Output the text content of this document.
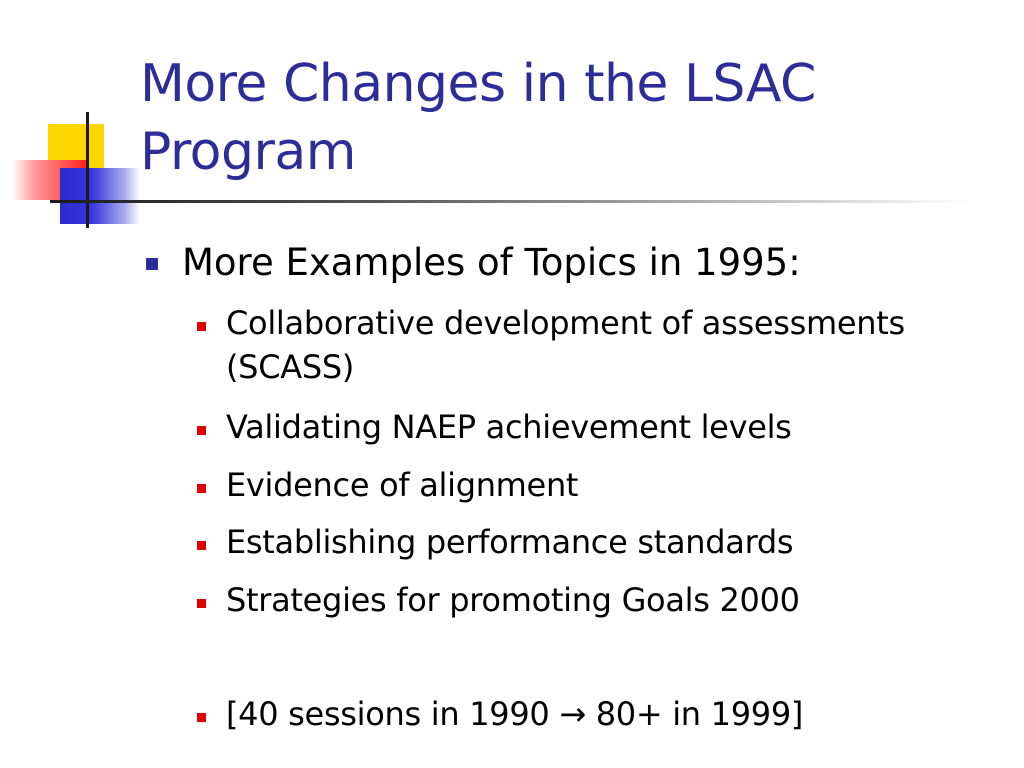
More Changes in the LSAC Program
More Examples of Topics in 1995:
Collaborative development of assessments (SCASS)
Validating NAEP achievement levels
Evidence of alignment
Establishing performance standards
Strategies for promoting Goals 2000
[40 sessions in 1990 → 80+ in 1999]
